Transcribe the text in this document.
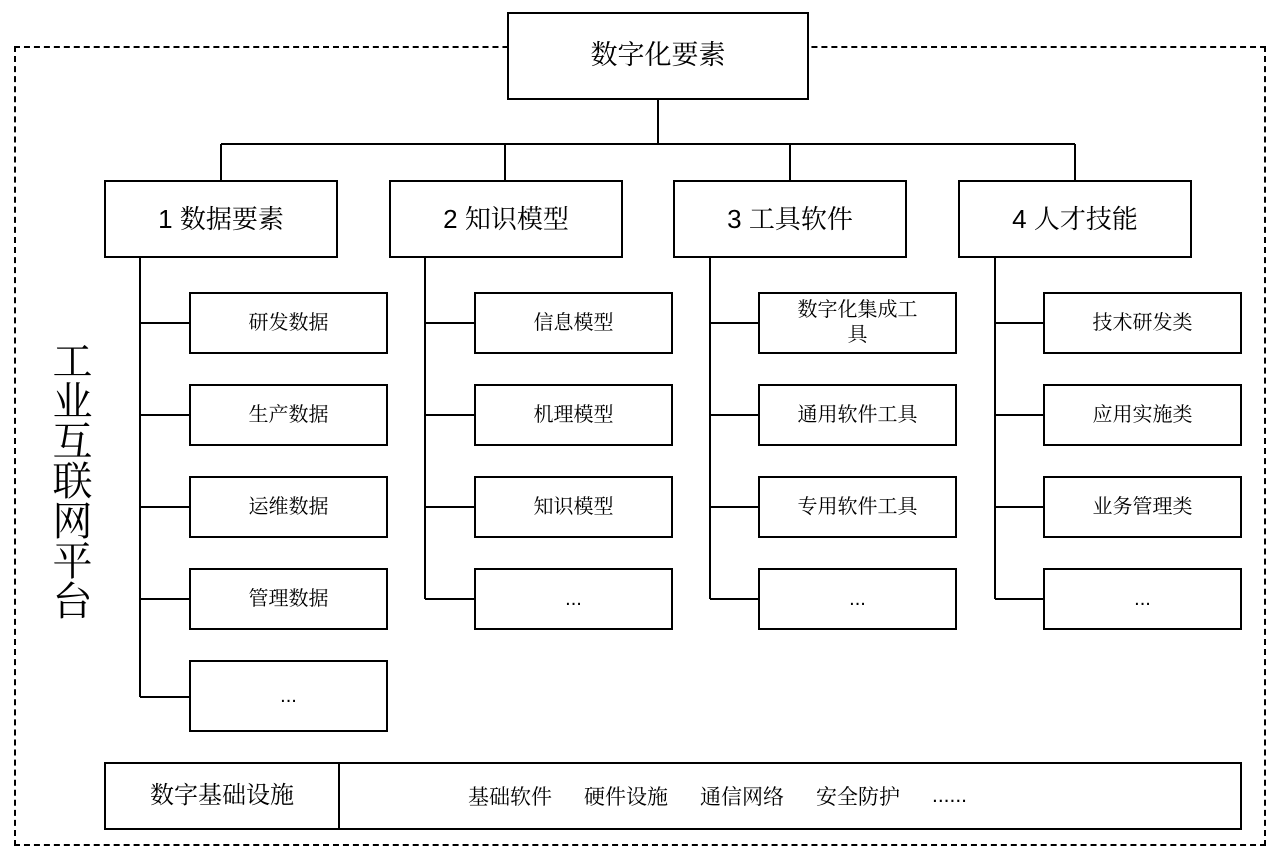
工业互联网平台
数字化要素
1 数据要素
研发数据
生产数据
运维数据
管理数据
...
2 知识模型
信息模型
机理模型
知识模型
...
3 工具软件
数字化集成工具
通用软件工具
专用软件工具
...
4 人才技能
技术研发类
应用实施类
业务管理类
...
数字基础设施	基础软件 硬件设施 通信网络 安全防护 ......
